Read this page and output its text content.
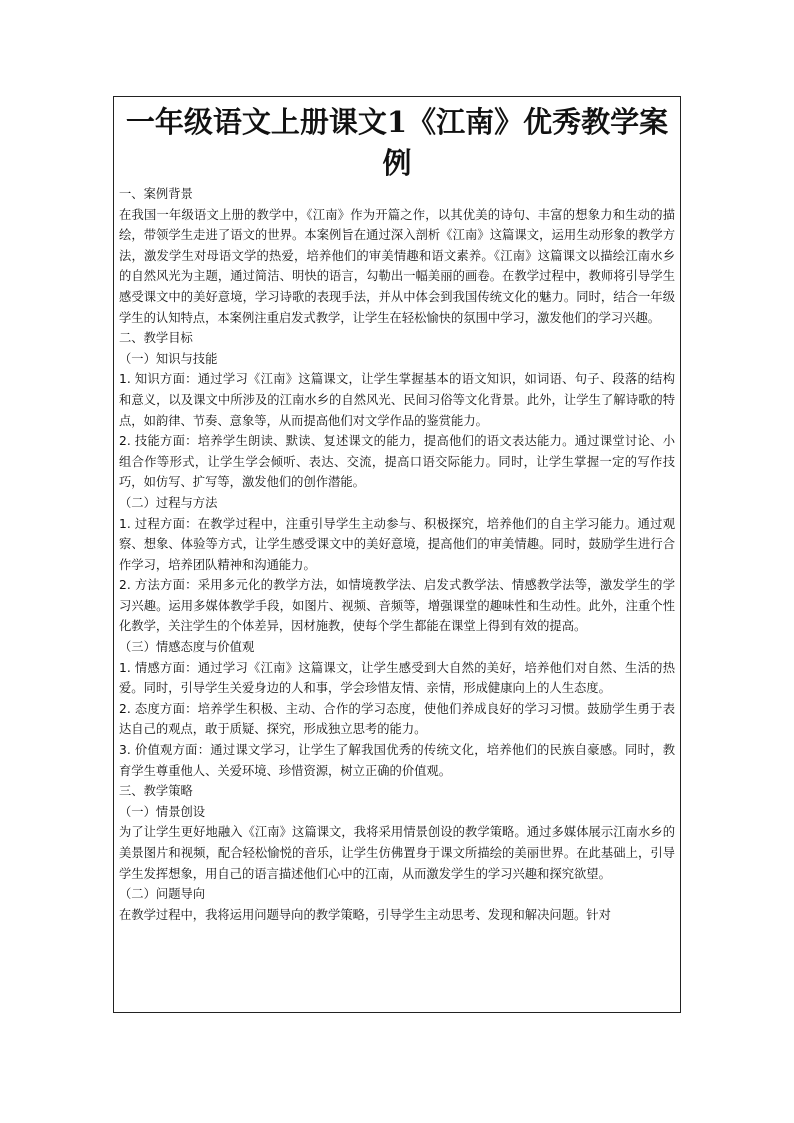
一年级语文上册课文1《江南》优秀教学案例

一、案例背景

在我国一年级语文上册的教学中，《江南》作为开篇之作，以其优美的诗句、丰富的想象力和生动的描绘，带领学生走进了语文的世界。本案例旨在通过深入剖析《江南》这篇课文，运用生动形象的教学方法，激发学生对母语文学的热爱，培养他们的审美情趣和语文素养。《江南》这篇课文以描绘江南水乡的自然风光为主题，通过简洁、明快的语言，勾勒出一幅美丽的画卷。在教学过程中，教师将引导学生感受课文中的美好意境，学习诗歌的表现手法，并从中体会到我国传统文化的魅力。同时，结合一年级学生的认知特点，本案例注重启发式教学，让学生在轻松愉快的氛围中学习，激发他们的学习兴趣。

二、教学目标

（一）知识与技能

1. 知识方面：通过学习《江南》这篇课文，让学生掌握基本的语文知识，如词语、句子、段落的结构和意义，以及课文中所涉及的江南水乡的自然风光、民间习俗等文化背景。此外，让学生了解诗歌的特点，如韵律、节奏、意象等，从而提高他们对文学作品的鉴赏能力。

2. 技能方面：培养学生朗读、默读、复述课文的能力，提高他们的语文表达能力。通过课堂讨论、小组合作等形式，让学生学会倾听、表达、交流，提高口语交际能力。同时，让学生掌握一定的写作技巧，如仿写、扩写等，激发他们的创作潜能。

（二）过程与方法

1. 过程方面：在教学过程中，注重引导学生主动参与、积极探究，培养他们的自主学习能力。通过观察、想象、体验等方式，让学生感受课文中的美好意境，提高他们的审美情趣。同时，鼓励学生进行合作学习，培养团队精神和沟通能力。

2. 方法方面：采用多元化的教学方法，如情境教学法、启发式教学法、情感教学法等，激发学生的学习兴趣。运用多媒体教学手段，如图片、视频、音频等，增强课堂的趣味性和生动性。此外，注重个性化教学，关注学生的个体差异，因材施教，使每个学生都能在课堂上得到有效的提高。

（三）情感态度与价值观

1. 情感方面：通过学习《江南》这篇课文，让学生感受到大自然的美好，培养他们对自然、生活的热爱。同时，引导学生关爱身边的人和事，学会珍惜友情、亲情，形成健康向上的人生态度。

2. 态度方面：培养学生积极、主动、合作的学习态度，使他们养成良好的学习习惯。鼓励学生勇于表达自己的观点，敢于质疑、探究，形成独立思考的能力。

3. 价值观方面：通过课文学习，让学生了解我国优秀的传统文化，培养他们的民族自豪感。同时，教育学生尊重他人、关爱环境、珍惜资源，树立正确的价值观。

三、教学策略

（一）情景创设

为了让学生更好地融入《江南》这篇课文，我将采用情景创设的教学策略。通过多媒体展示江南水乡的美景图片和视频，配合轻松愉悦的音乐，让学生仿佛置身于课文所描绘的美丽世界。在此基础上，引导学生发挥想象，用自己的语言描述他们心中的江南，从而激发学生的学习兴趣和探究欲望。

（二）问题导向

在教学过程中，我将运用问题导向的教学策略，引导学生主动思考、发现和解决问题。针对
